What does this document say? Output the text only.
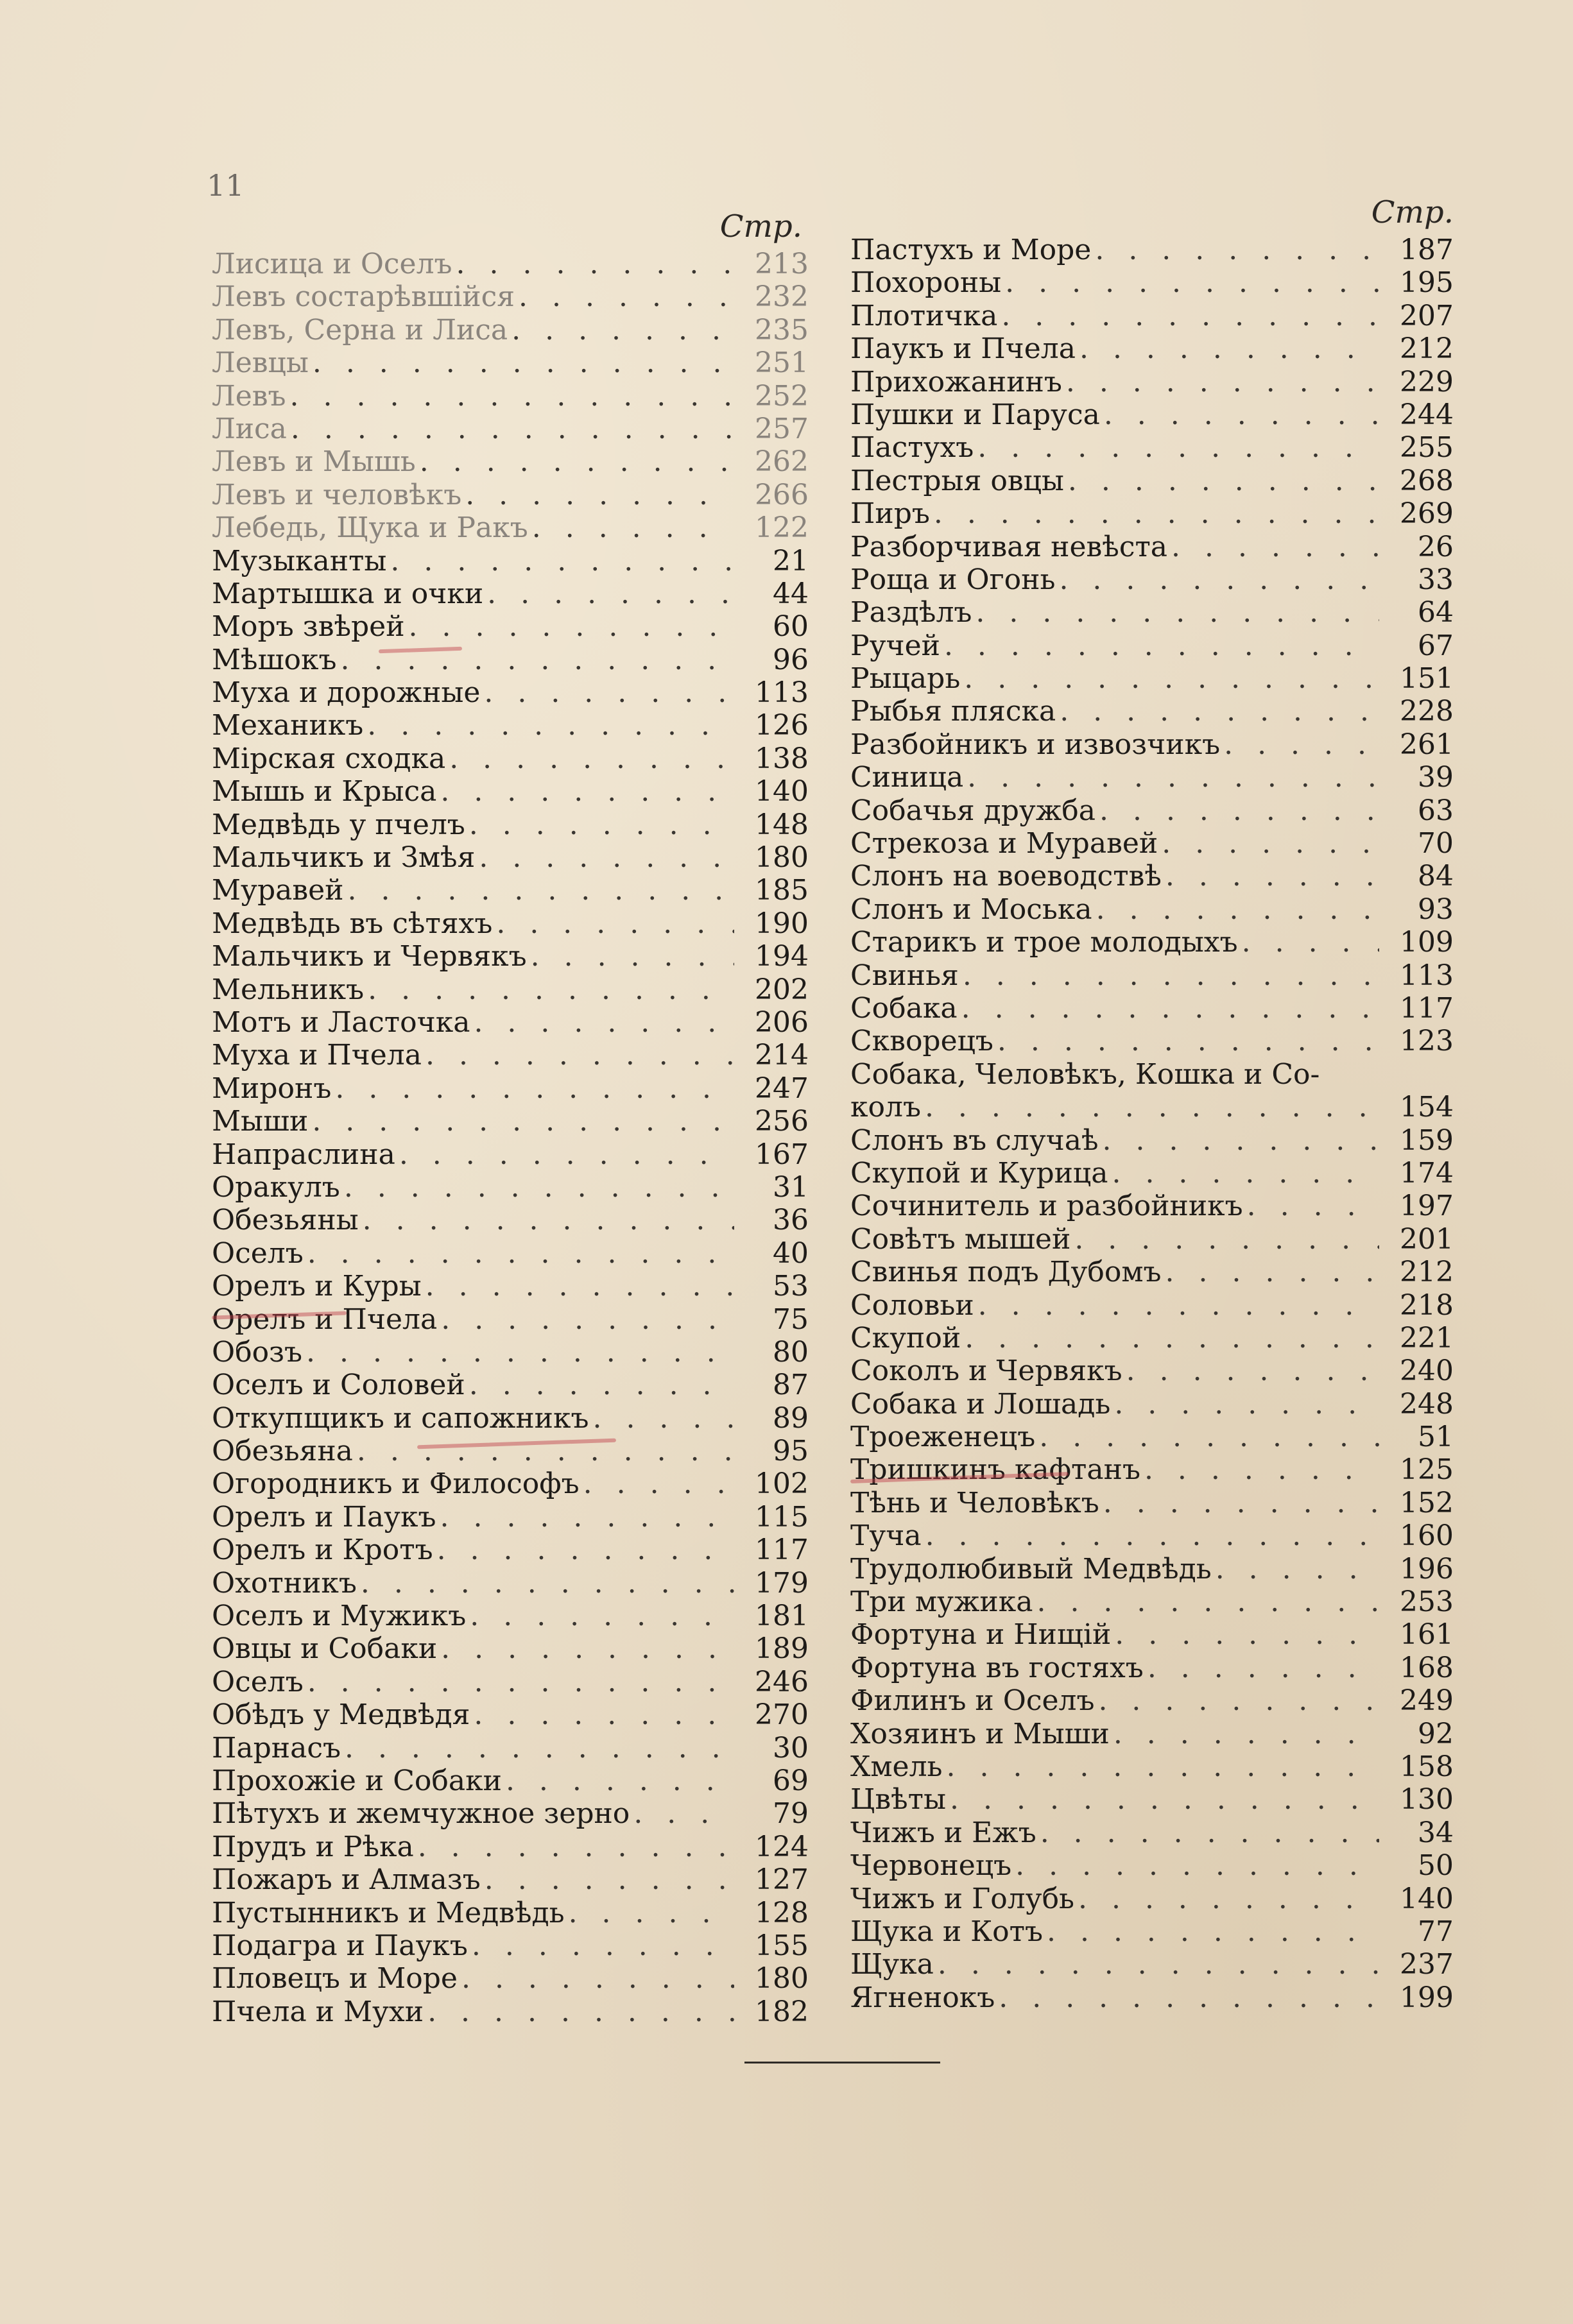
11
Стр.
Лисица и Оселъ . . .	213
Левъ состарѣвшійся . . .	232
Левъ, Серна и Лиса . . .	235
Левцы . . .	251
Левъ . . .	252
Лиса . . .	257
Левъ и Мышь . . .	262
Левъ и человѣкъ . . .	266
Лебедь, Щука и Ракъ . . .	122
Музыканты . . .	21
Мартышка и очки . . .	44
Моръ звѣрей . . .	60
Мѣшокъ . . .	96
Муха и дорожные . . .	113
Механикъ . . .	126
Мірская сходка . . .	138
Мышь и Крыса . . .	140
Медвѣдь у пчелъ . . .	148
Мальчикъ и Змѣя . . .	180
Муравей . . .	185
Медвѣдь въ сѣтяхъ . . .	190
Мальчикъ и Червякъ . . .	194
Мельникъ . . .	202
Мотъ и Ласточка . . .	206
Муха и Пчела . . .	214
Миронъ . . .	247
Мыши . . .	256
Напраслина . . .	167
Оракулъ . . .	31
Обезьяны . . .	36
Оселъ . . .	40
Орелъ и Куры . . .	53
Орелъ и Пчела . . .	75
Обозъ . . .	80
Оселъ и Соловей . . .	87
Откупщикъ и сапожникъ . . .	89
Обезьяна . . .	95
Огородникъ и Философъ . . .	102
Орелъ и Паукъ . . .	115
Орелъ и Кротъ . . .	117
Охотникъ . . .	179
Оселъ и Мужикъ . . .	181
Овцы и Собаки . . .	189
Оселъ . . .	246
Обѣдъ у Медвѣдя . . .	270
Парнасъ . . .	30
Прохожіе и Собаки . . .	69
Пѣтухъ и жемчужное зерно . . .	79
Прудъ и Рѣка . . .	124
Пожаръ и Алмазъ . . .	127
Пустынникъ и Медвѣдь . . .	128
Подагра и Паукъ . . .	155
Пловецъ и Море . . .	180
Пчела и Мухи . . .	182
Стр.
Пастухъ и Море . . .	187
Похороны . . .	195
Плотичка . . .	207
Паукъ и Пчела . . .	212
Прихожанинъ . . .	229
Пушки и Паруса . . .	244
Пастухъ . . .	255
Пестрыя овцы . . .	268
Пиръ . . .	269
Разборчивая невѣста . . .	26
Роща и Огонь . . .	33
Раздѣлъ . . .	64
Ручей . . .	67
Рыцарь . . .	151
Рыбья пляска . . .	228
Разбойникъ и извозчикъ . . .	261
Синица . . .	39
Собачья дружба . . .	63
Стрекоза и Муравей . . .	70
Слонъ на воеводствѣ . . .	84
Слонъ и Моська . . .	93
Старикъ и трое молодыхъ . . .	109
Свинья . . .	113
Собака . . .	117
Скворецъ . . .	123
Собака, Человѣкъ, Кошка и Со-
колъ . . .	154
Слонъ въ случаѣ . . .	159
Скупой и Курица . . .	174
Сочинитель и разбойникъ . . .	197
Совѣтъ мышей . . .	201
Свинья подъ Дубомъ . . .	212
Соловьи . . .	218
Скупой . . .	221
Соколъ и Червякъ . . .	240
Собака и Лошадь . . .	248
Троеженецъ . . .	51
Тришкинъ кафтанъ . . .	125
Тѣнь и Человѣкъ . . .	152
Туча . . .	160
Трудолюбивый Медвѣдь . . .	196
Три мужика . . .	253
Фортуна и Нищій . . .	161
Фортуна въ гостяхъ . . .	168
Филинъ и Оселъ . . .	249
Хозяинъ и Мыши . . .	92
Хмель . . .	158
Цвѣты . . .	130
Чижъ и Ежъ . . .	34
Червонецъ . . .	50
Чижъ и Голубь . . .	140
Щука и Котъ . . .	77
Щука . . .	237
Ягненокъ . . .	199
